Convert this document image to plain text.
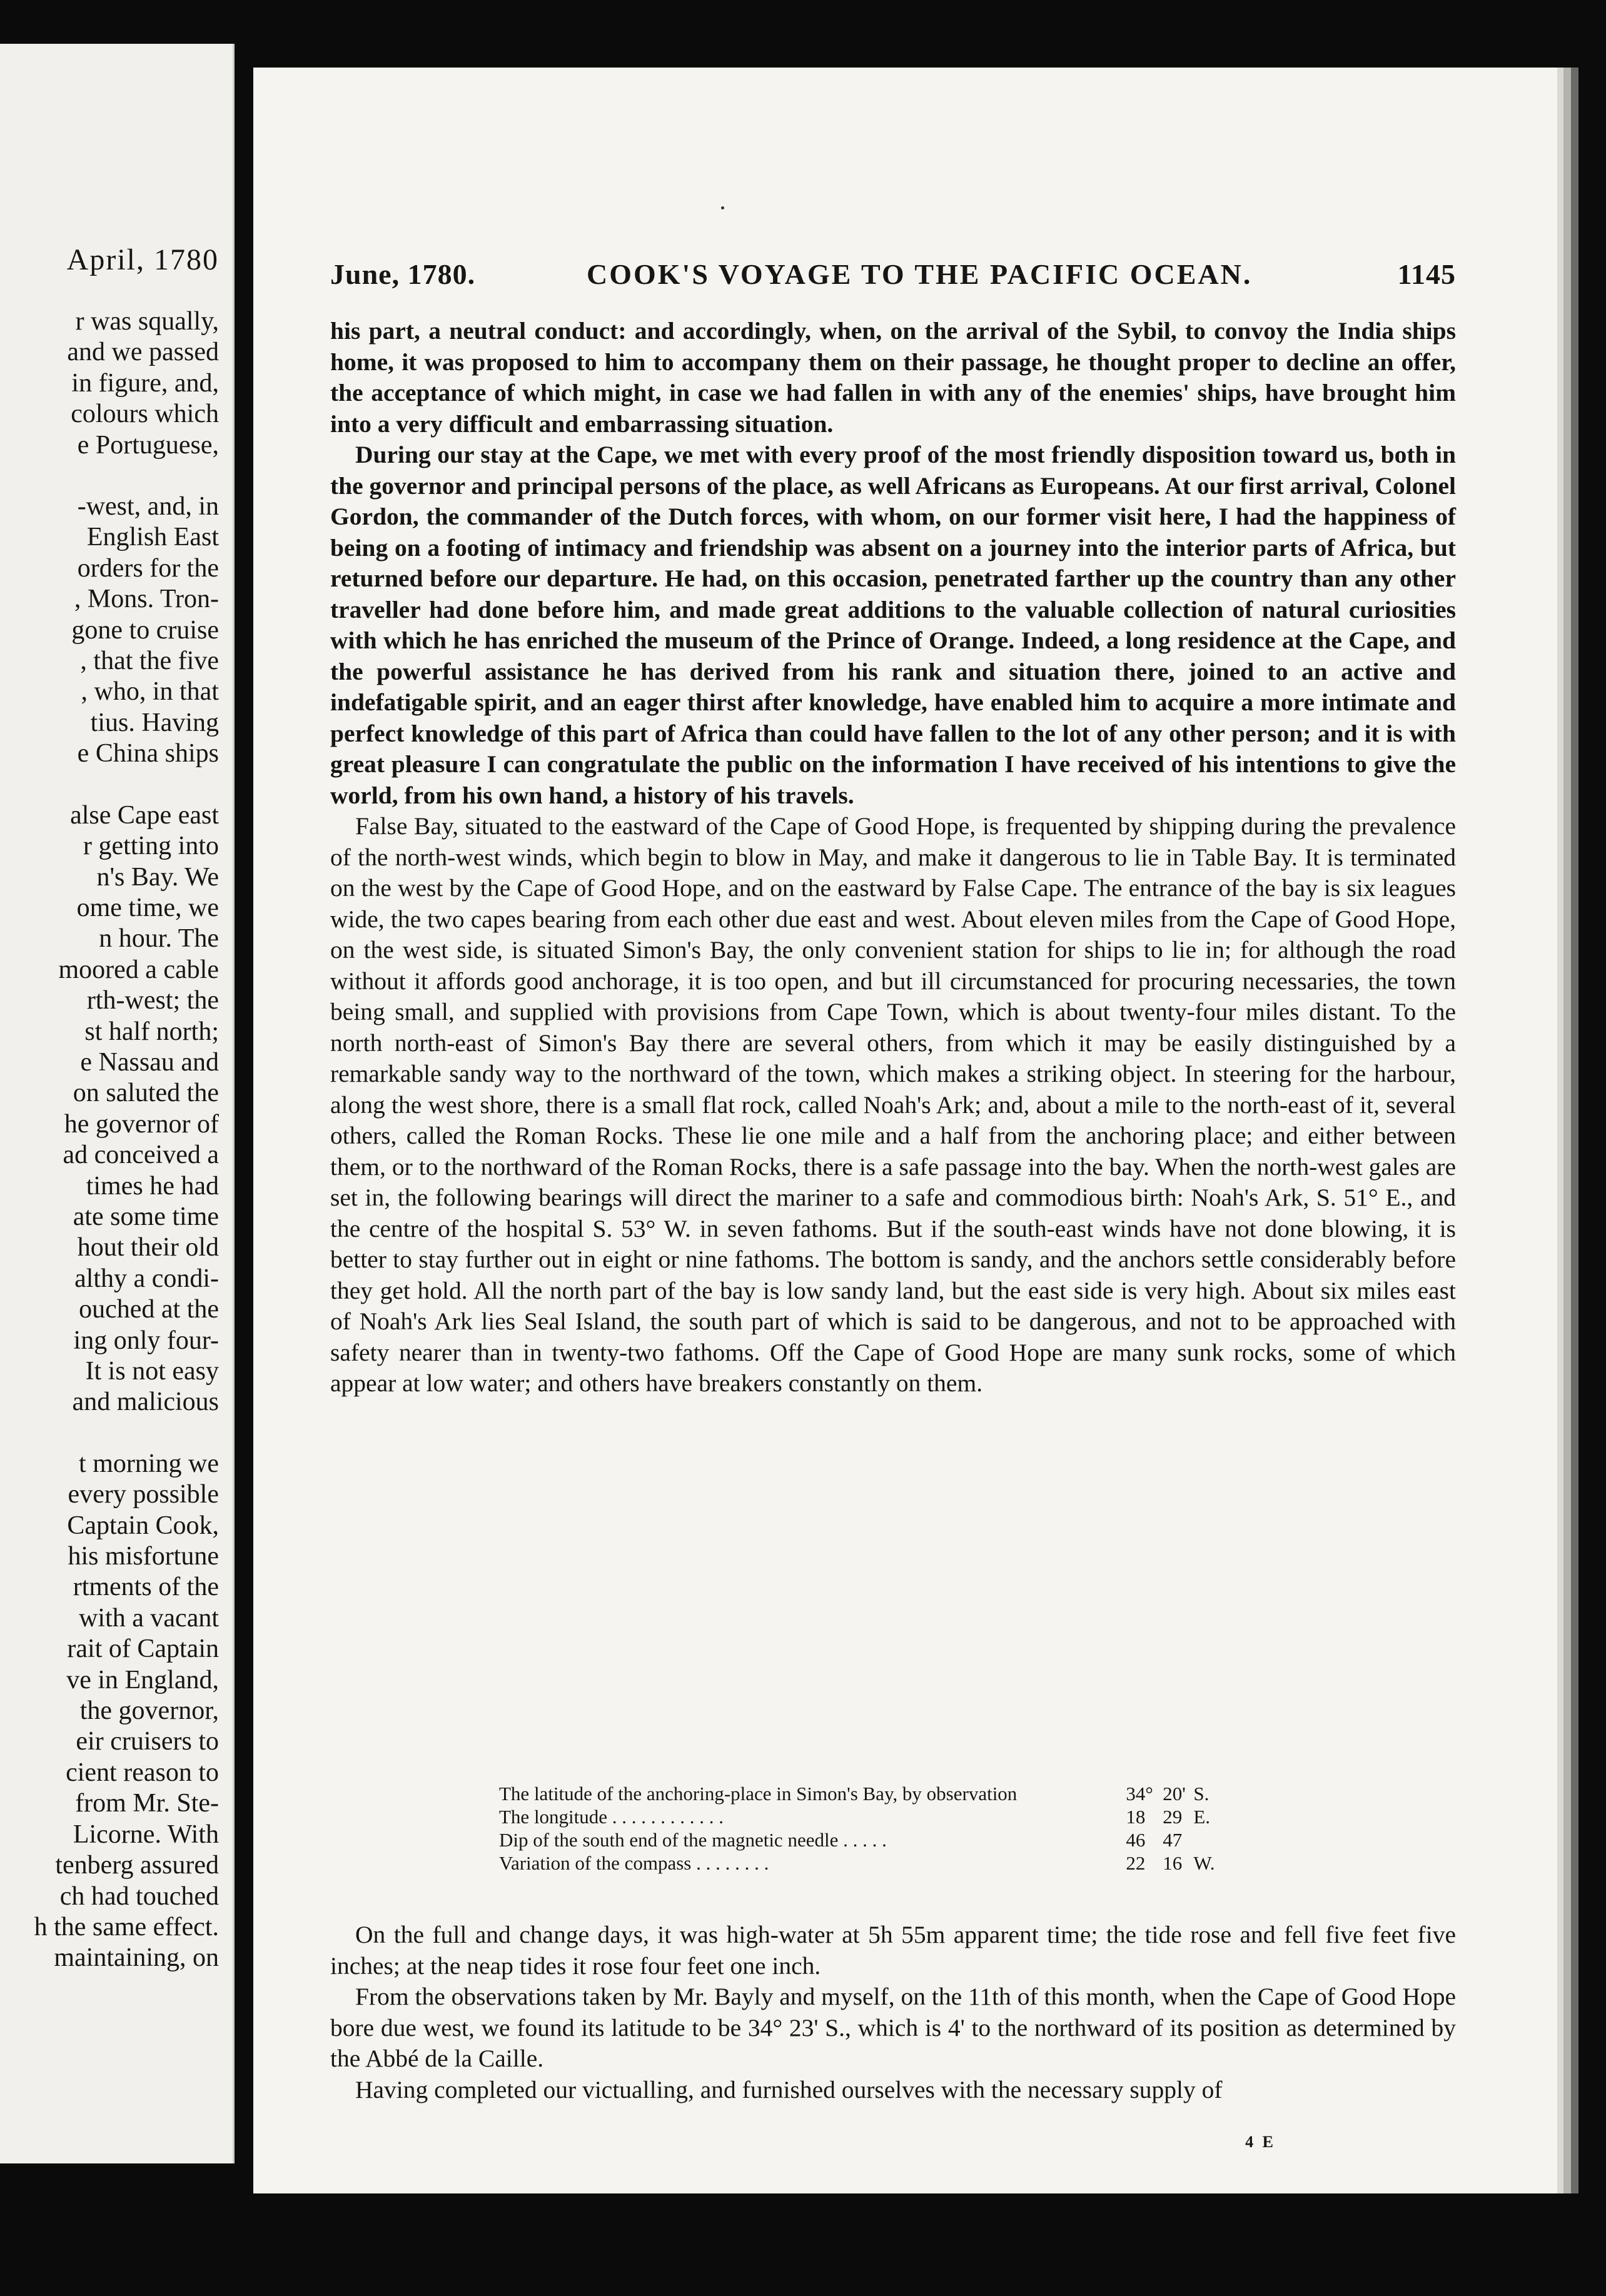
April, 1780
r was squally,
and we passed
in figure, and,
colours which
e Portuguese,
-west, and, in
English East
orders for the
, Mons. Tron-
gone to cruise
, that the five
, who, in that
tius. Having
e China ships
alse Cape east
r getting into
n's Bay. We
ome time, we
n hour. The
moored a cable
rth-west; the
st half north;
e Nassau and
on saluted the
he governor of
ad conceived a
times he had
ate some time
hout their old
althy a condi-
ouched at the
ing only four-
It is not easy
and malicious
t morning we
every possible
Captain Cook,
his misfortune
rtments of the
with a vacant
rait of Captain
ve in England,
the governor,
eir cruisers to
cient reason to
from Mr. Ste-
Licorne. With
tenberg assured
ch had touched
h the same effect.
maintaining, on
June, 1780.	COOK'S VOYAGE TO THE PACIFIC OCEAN.	1145

his part, a neutral conduct: and accordingly, when, on the arrival of the Sybil, to convoy the India ships home, it was proposed to him to accompany them on their passage, he thought proper to decline an offer, the acceptance of which might, in case we had fallen in with any of the enemies' ships, have brought him into a very difficult and embarrassing situation.

During our stay at the Cape, we met with every proof of the most friendly disposition toward us, both in the governor and principal persons of the place, as well Africans as Europeans. At our first arrival, Colonel Gordon, the commander of the Dutch forces, with whom, on our former visit here, I had the happiness of being on a footing of intimacy and friendship was absent on a journey into the interior parts of Africa, but returned before our departure. He had, on this occasion, penetrated farther up the country than any other traveller had done before him, and made great additions to the valuable collection of natural curiosities with which he has enriched the museum of the Prince of Orange. Indeed, a long residence at the Cape, and the powerful assistance he has derived from his rank and situation there, joined to an active and indefatigable spirit, and an eager thirst after knowledge, have enabled him to acquire a more intimate and perfect knowledge of this part of Africa than could have fallen to the lot of any other person; and it is with great pleasure I can congratulate the public on the information I have received of his intentions to give the world, from his own hand, a history of his travels.

False Bay, situated to the eastward of the Cape of Good Hope, is frequented by shipping during the prevalence of the north-west winds, which begin to blow in May, and make it dangerous to lie in Table Bay. It is terminated on the west by the Cape of Good Hope, and on the eastward by False Cape. The entrance of the bay is six leagues wide, the two capes bearing from each other due east and west. About eleven miles from the Cape of Good Hope, on the west side, is situated Simon's Bay, the only convenient station for ships to lie in; for although the road without it affords good anchorage, it is too open, and but ill circumstanced for procuring necessaries, the town being small, and supplied with provisions from Cape Town, which is about twenty-four miles distant. To the north north-east of Simon's Bay there are several others, from which it may be easily distinguished by a remarkable sandy way to the northward of the town, which makes a striking object. In steering for the harbour, along the west shore, there is a small flat rock, called Noah's Ark; and, about a mile to the north-east of it, several others, called the Roman Rocks. These lie one mile and a half from the anchoring place; and either between them, or to the northward of the Roman Rocks, there is a safe passage into the bay. When the north-west gales are set in, the following bearings will direct the mariner to a safe and commodious birth: Noah's Ark, S. 51° E., and the centre of the hospital S. 53° W. in seven fathoms. But if the south-east winds have not done blowing, it is better to stay further out in eight or nine fathoms. The bottom is sandy, and the anchors settle considerably before they get hold. All the north part of the bay is low sandy land, but the east side is very high. About six miles east of Noah's Ark lies Seal Island, the south part of which is said to be dangerous, and not to be approached with safety nearer than in twenty-two fathoms. Off the Cape of Good Hope are many sunk rocks, some of which appear at low water; and others have breakers constantly on them.

The latitude of the anchoring-place in Simon's Bay, by observation	34°	20'	S.
The longitude . . . . . . . . . . . .	18	29	E.
Dip of the south end of the magnetic needle . . . . .	46	47	
Variation of the compass . . . . . . . .	22	16	W.

On the full and change days, it was high-water at 5h 55m apparent time; the tide rose and fell five feet five inches; at the neap tides it rose four feet one inch.

From the observations taken by Mr. Bayly and myself, on the 11th of this month, when the Cape of Good Hope bore due west, we found its latitude to be 34° 23' S., which is 4' to the northward of its position as determined by the Abbé de la Caille.

Having completed our victualling, and furnished ourselves with the necessary supply of

4 E
